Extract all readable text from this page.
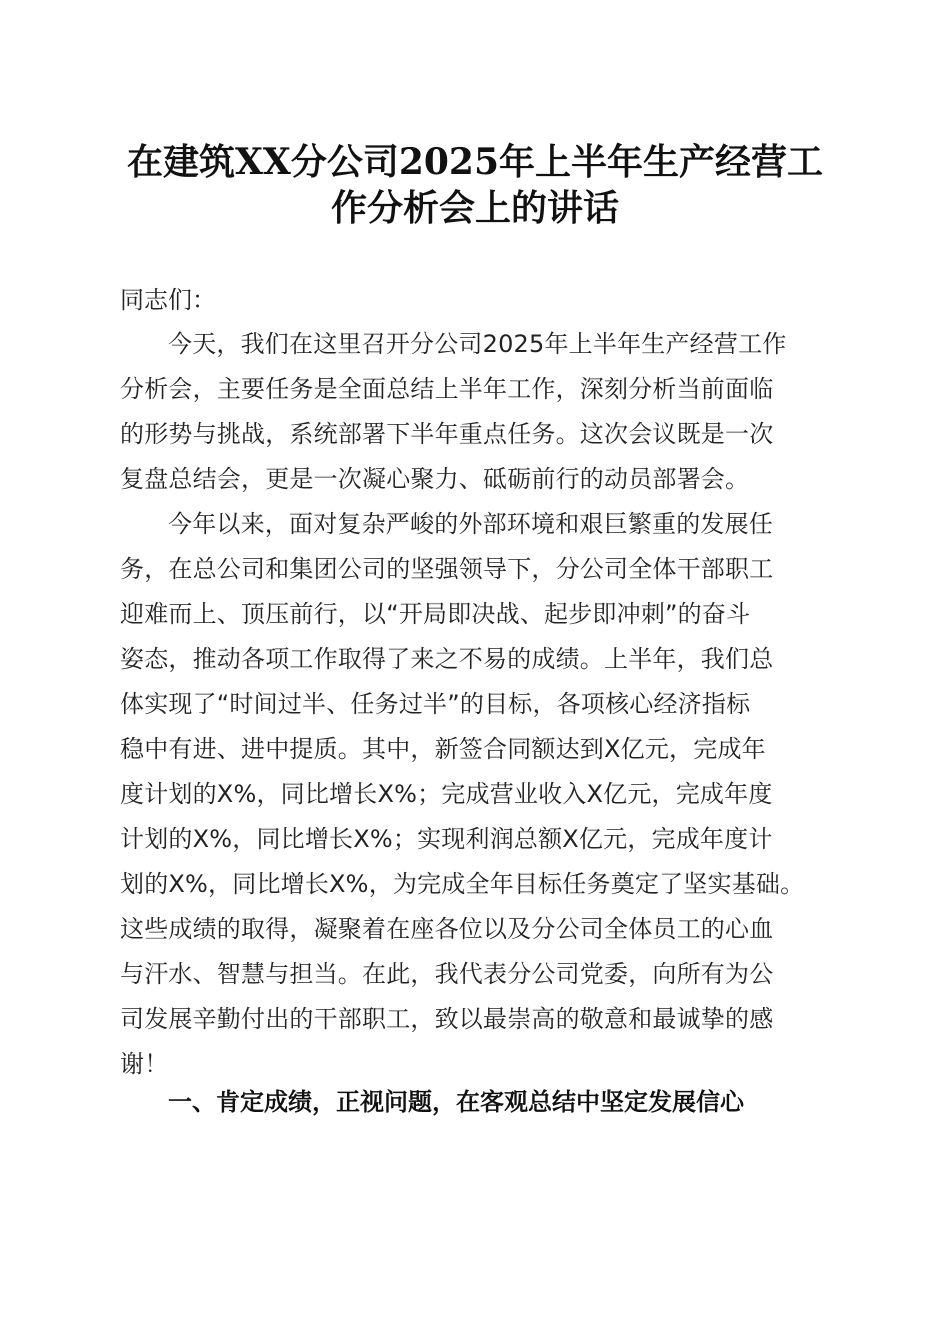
在建筑XX分公司2025年上半年生产经营工
作分析会上的讲话

同志们：

今天，我们在这里召开分公司2025年上半年生产经营工作
分析会，主要任务是全面总结上半年工作，深刻分析当前面临
的形势与挑战，系统部署下半年重点任务。这次会议既是一次
复盘总结会，更是一次凝心聚力、砥砺前行的动员部署会。

今年以来，面对复杂严峻的外部环境和艰巨繁重的发展任
务，在总公司和集团公司的坚强领导下，分公司全体干部职工
迎难而上、顶压前行，以“开局即决战、起步即冲刺”的奋斗
姿态，推动各项工作取得了来之不易的成绩。上半年，我们总
体实现了“时间过半、任务过半”的目标，各项核心经济指标
稳中有进、进中提质。其中，新签合同额达到X亿元，完成年
度计划的X%，同比增长X%；完成营业收入X亿元，完成年度
计划的X%，同比增长X%；实现利润总额X亿元，完成年度计
划的X%，同比增长X%，为完成全年目标任务奠定了坚实基础。
这些成绩的取得，凝聚着在座各位以及分公司全体员工的心血
与汗水、智慧与担当。在此，我代表分公司党委，向所有为公
司发展辛勤付出的干部职工，致以最崇高的敬意和最诚挚的感
谢！

一、肯定成绩，正视问题，在客观总结中坚定发展信心
